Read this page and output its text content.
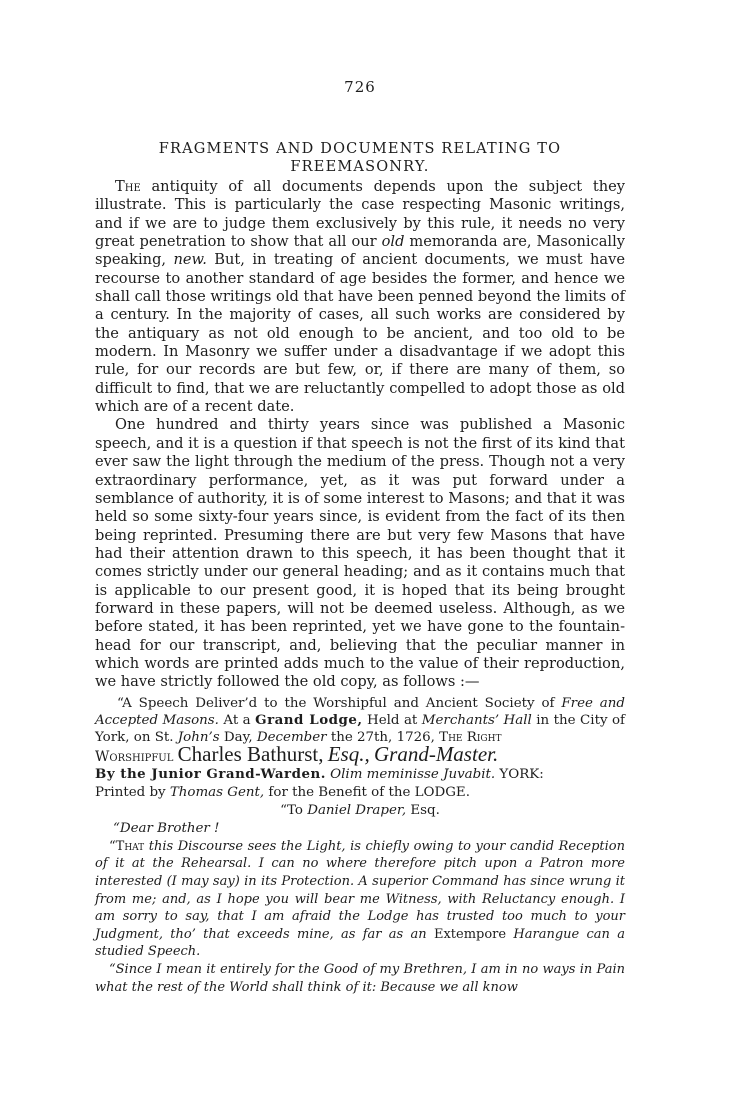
726
FRAGMENTS AND DOCUMENTS RELATING TO
FREEMASONRY.

The antiquity of all documents depends upon the subject they illustrate. This is particularly the case respecting Masonic writings, and if we are to judge them exclusively by this rule, it needs no very great penetration to show that all our old memoranda are, Masonically speaking, new. But, in treating of ancient documents, we must have recourse to another standard of age besides the former, and hence we shall call those writings old that have been penned beyond the limits of a century. In the majority of cases, all such works are considered by the antiquary as not old enough to be ancient, and too old to be modern. In Masonry we suffer under a disadvantage if we adopt this rule, for our records are but few, or, if there are many of them, so difficult to find, that we are reluctantly compelled to adopt those as old which are of a recent date.

One hundred and thirty years since was published a Masonic speech, and it is a question if that speech is not the first of its kind that ever saw the light through the medium of the press. Though not a very extraordinary performance, yet, as it was put forward under a semblance of authority, it is of some interest to Masons; and that it was held so some sixty-four years since, is evident from the fact of its then being reprinted. Presuming there are but very few Masons that have had their attention drawn to this speech, it has been thought that it comes strictly under our general heading; and as it contains much that is applicable to our present good, it is hoped that its being brought forward in these papers, will not be deemed useless. Although, as we before stated, it has been reprinted, yet we have gone to the fountain-head for our transcript, and, believing that the peculiar manner in which words are printed adds much to the value of their reproduction, we have strictly followed the old copy, as follows :—

“A Speech Deliver’d to the Worshipful and Ancient Society of Free and Accepted Masons. At a Grand Lodge, Held at Merchants’ Hall in the City of York, on St. John’s Day, December the 27th, 1726, The Right
Worshipful Charles Bathurst, Esq., Grand-Master.
By the Junior Grand-Warden. Olim meminisse Juvabit. YORK:
Printed by Thomas Gent, for the Benefit of the LODGE.

“To Daniel Draper, Esq.
“Dear Brother !

“That this Discourse sees the Light, is chiefly owing to your candid Reception of it at the Rehearsal. I can no where therefore pitch upon a Patron more interested (I may say) in its Protection. A superior Command has since wrung it from me; and, as I hope you will bear me Witness, with Reluctancy enough. I am sorry to say, that I am afraid the Lodge has trusted too much to your Judgment, tho’ that exceeds mine, as far as an Extempore Harangue can a studied Speech.

“Since I mean it entirely for the Good of my Brethren, I am in no ways in Pain what the rest of the World shall think of it: Because we all know
